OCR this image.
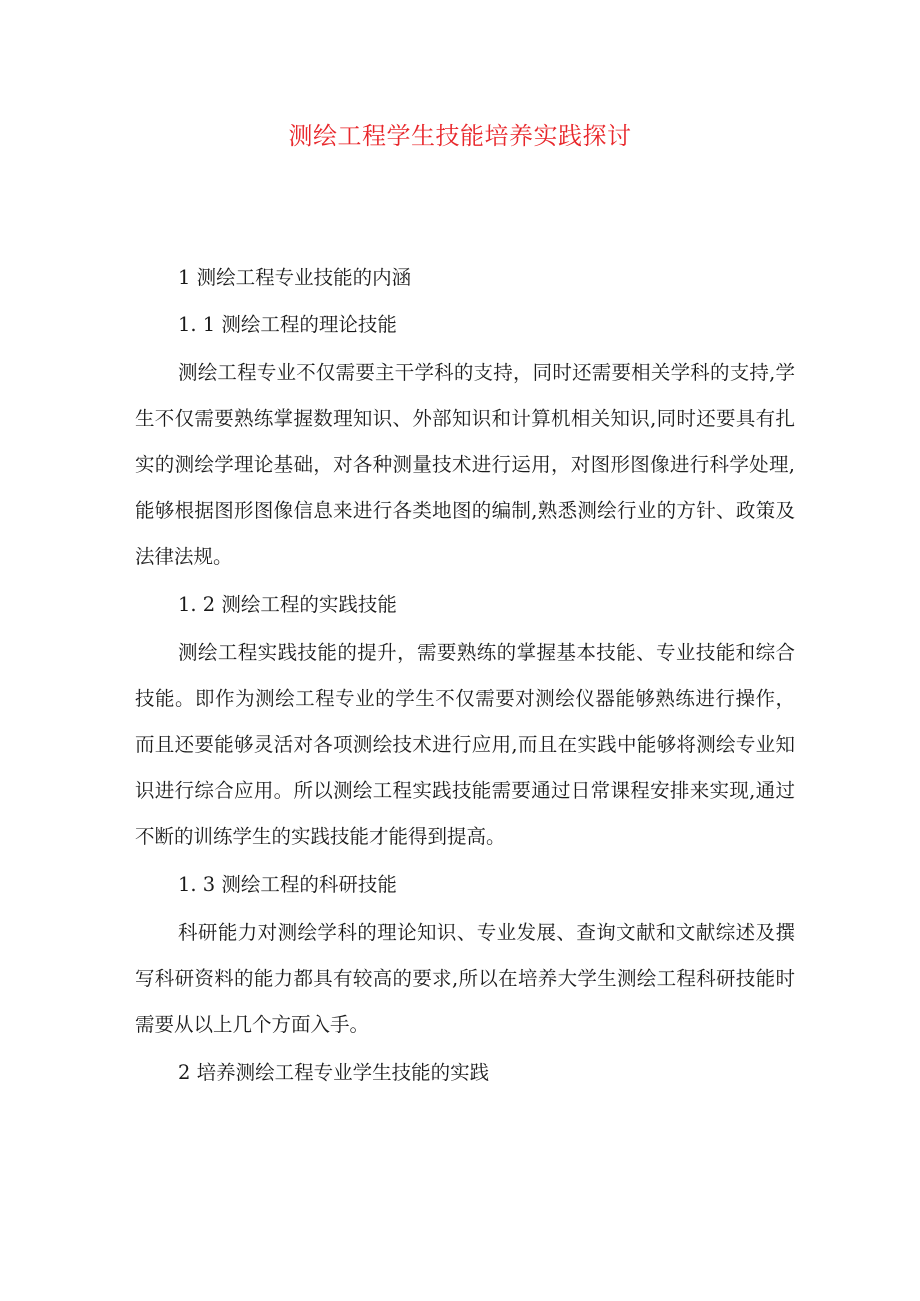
测绘工程学生技能培养实践探讨
1 测绘工程专业技能的内涵
1. 1 测绘工程的理论技能

测绘工程专业不仅需要主干学科的支持，同时还需要相关学科的支持,学生不仅需要熟练掌握数理知识、外部知识和计算机相关知识,同时还要具有扎实的测绘学理论基础，对各种测量技术进行运用，对图形图像进行科学处理,能够根据图形图像信息来进行各类地图的编制,熟悉测绘行业的方针、政策及法律法规。

1. 2 测绘工程的实践技能

测绘工程实践技能的提升，需要熟练的掌握基本技能、专业技能和综合技能。即作为测绘工程专业的学生不仅需要对测绘仪器能够熟练进行操作，而且还要能够灵活对各项测绘技术进行应用,而且在实践中能够将测绘专业知识进行综合应用。所以测绘工程实践技能需要通过日常课程安排来实现,通过不断的训练学生的实践技能才能得到提高。

1. 3 测绘工程的科研技能

科研能力对测绘学科的理论知识、专业发展、查询文献和文献综述及撰写科研资料的能力都具有较高的要求,所以在培养大学生测绘工程科研技能时需要从以上几个方面入手。

2 培养测绘工程专业学生技能的实践
